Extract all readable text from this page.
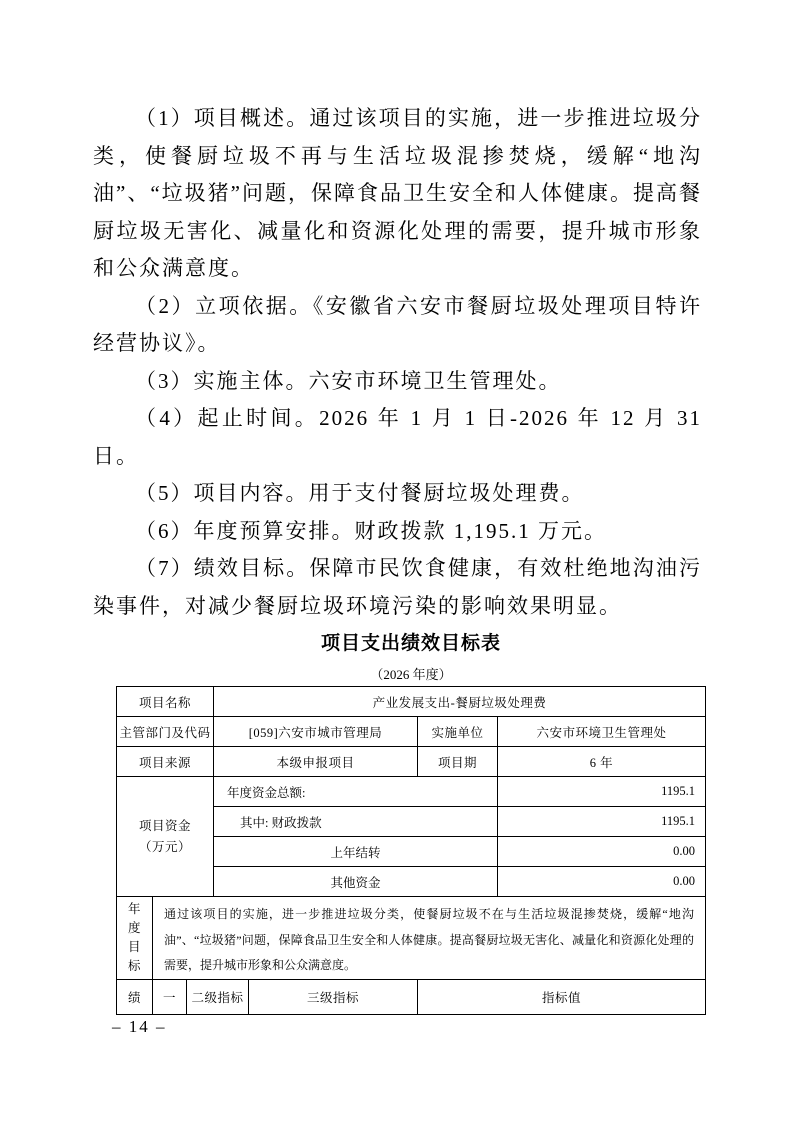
（1）项目概述。通过该项目的实施，进一步推进垃圾分类，使餐厨垃圾不再与生活垃圾混掺焚烧，缓解“地沟油”、“垃圾猪”问题，保障食品卫生安全和人体健康。提高餐厨垃圾无害化、减量化和资源化处理的需要，提升城市形象和公众满意度。

（2）立项依据。《安徽省六安市餐厨垃圾处理项目特许经营协议》。

（3）实施主体。六安市环境卫生管理处。

（4）起止时间。2026 年 1 月 1 日-2026 年 12 月 31 日。

（5）项目内容。用于支付餐厨垃圾处理费。

（6）年度预算安排。财政拨款 1,195.1 万元。

（7）绩效目标。保障市民饮食健康，有效杜绝地沟油污染事件，对减少餐厨垃圾环境污染的影响效果明显。

项目支出绩效目标表
（2026 年度）
项目名称	产业发展支出-餐厨垃圾处理费
主管部门及代码	[059]六安市城市管理局	实施单位	六安市环境卫生管理处
项目来源	本级申报项目	项目期	6 年
项目资金
（万元）
年度资金总额:	1195.1
其中: 财政拨款	1195.1
上年结转	0.00
其他资金	0.00
年度目标
通过该项目的实施，进一步推进垃圾分类，使餐厨垃圾不在与生活垃圾混掺焚烧，缓解“地沟油”、“垃圾猪”问题，保障食品卫生安全和人体健康。提高餐厨垃圾无害化、减量化和资源化处理的需要，提升城市形象和公众满意度。
绩	一	二级指标	三级指标	指标值
– 14 –
